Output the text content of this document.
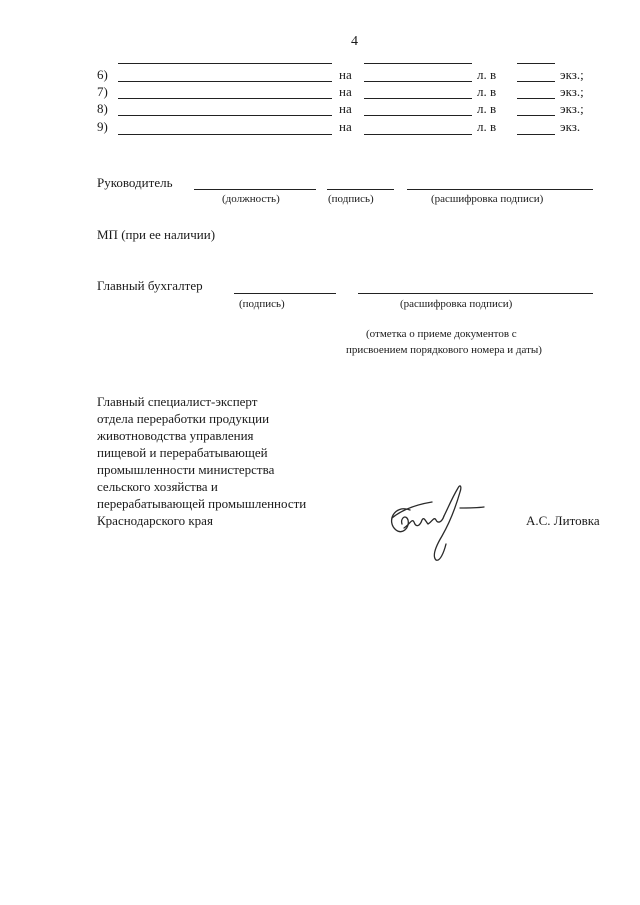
4
6)	на	л. в	экз.;
7)	на	л. в	экз.;
8)	на	л. в	экз.;
9)	на	л. в	экз.
Руководитель
(должность)	(подпись)	(расшифровка подписи)
МП (при ее наличии)
Главный бухгалтер
(подпись)	(расшифровка подписи)
(отметка о приеме документов с
присвоением порядкового номера и даты)
Главный специалист-эксперт
отдела переработки продукции
животноводства управления
пищевой и перерабатывающей
промышленности министерства
сельского хозяйства и
перерабатывающей промышленности
Краснодарского края	А.С. Литовка
